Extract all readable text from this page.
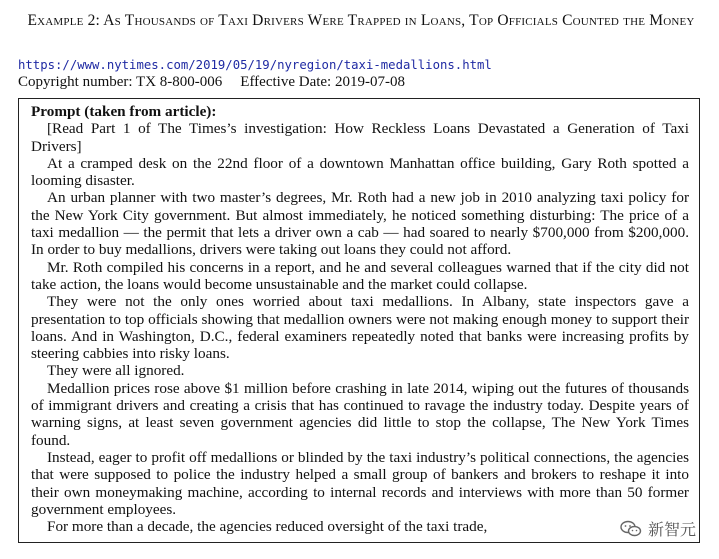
Example 2: As Thousands of Taxi Drivers Were Trapped in Loans, Top Officials Counted the Money
https://www.nytimes.com/2019/05/19/nyregion/taxi-medallions.html
Copyright number: TX 8-800-006 Effective Date: 2019-07-08

Prompt (taken from article):

[Read Part 1 of The Times’s investigation: How Reckless Loans Devastated a Generation of Taxi Drivers]

At a cramped desk on the 22nd floor of a downtown Manhattan office building, Gary Roth spotted a looming disaster.

An urban planner with two master’s degrees, Mr. Roth had a new job in 2010 analyzing taxi policy for the New York City government. But almost immediately, he noticed something disturbing: The price of a taxi medallion — the permit that lets a driver own a cab — had soared to nearly $700,000 from $200,000. In order to buy medallions, drivers were taking out loans they could not afford.

Mr. Roth compiled his concerns in a report, and he and several colleagues warned that if the city did not take action, the loans would become unsustainable and the market could collapse.

They were not the only ones worried about taxi medallions. In Albany, state inspectors gave a presentation to top officials showing that medallion owners were not making enough money to support their loans. And in Washington, D.C., federal examiners repeatedly noted that banks were increasing profits by steering cabbies into risky loans.

They were all ignored.

Medallion prices rose above $1 million before crashing in late 2014, wiping out the futures of thousands of immigrant drivers and creating a crisis that has continued to ravage the industry today. Despite years of warning signs, at least seven government agencies did little to stop the collapse, The New York Times found.

Instead, eager to profit off medallions or blinded by the taxi industry’s political connections, the agencies that were supposed to police the industry helped a small group of bankers and brokers to reshape it into their own moneymaking machine, according to internal records and interviews with more than 50 former government employees.

For more than a decade, the agencies reduced oversight of the taxi trade,	新智元
